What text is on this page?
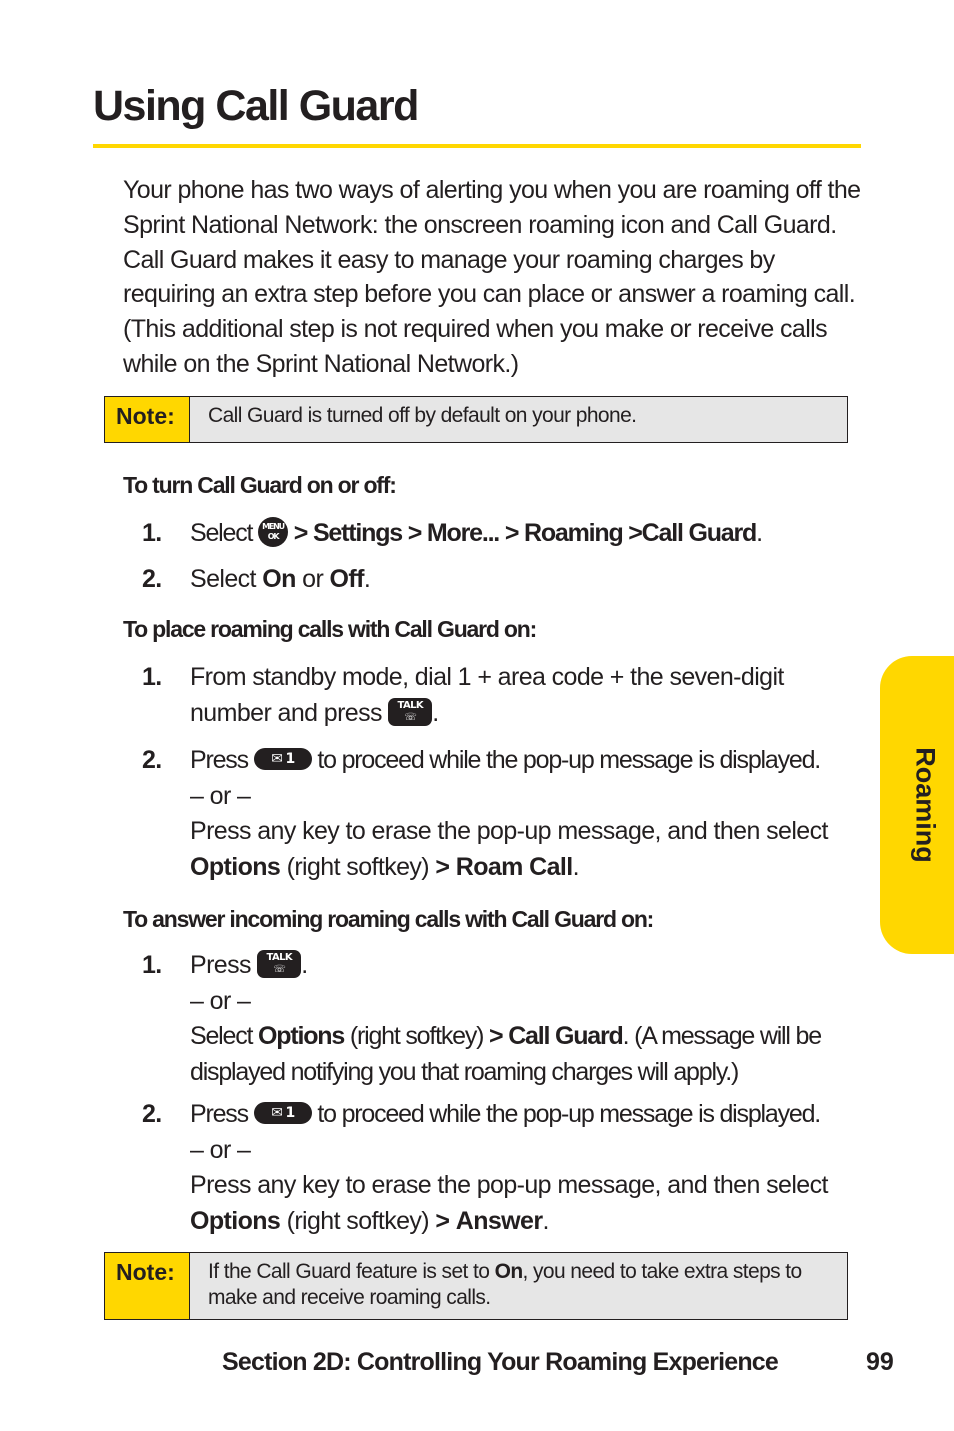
Using Call Guard

Your phone has two ways of alerting you when you are roaming off the Sprint National Network: the onscreen roaming icon and Call Guard. Call Guard makes it easy to manage your roaming charges by requiring an extra step before you can place or answer a roaming call. (This additional step is not required when you make or receive calls while on the Sprint National Network.)

Note:	Call Guard is turned off by default on your phone.
To turn Call Guard on or off:
1. Select MENU
OK > Settings > More... > Roaming >Call Guard.
2. Select On or Off.
To place roaming calls with Call Guard on:
1. From standby mode, dial 1 + area code + the seven-digit number and press TALK
☏ .
2. Press ✉ 1 to proceed while the pop-up message is displayed.
– or –
Press any key to erase the pop-up message, and then select Options (right softkey) > Roam Call.
To answer incoming roaming calls with Call Guard on:
1. Press TALK
☏ .
– or –
Select Options (right softkey) > Call Guard. (A message will be displayed notifying you that roaming charges will apply.)
2. Press ✉ 1 to proceed while the pop-up message is displayed.
– or –
Press any key to erase the pop-up message, and then select Options (right softkey) > Answer.
Note:	If the Call Guard feature is set to On, you need to take extra steps to make and receive roaming calls.
Roaming

Section 2D: Controlling Your Roaming Experience	99
